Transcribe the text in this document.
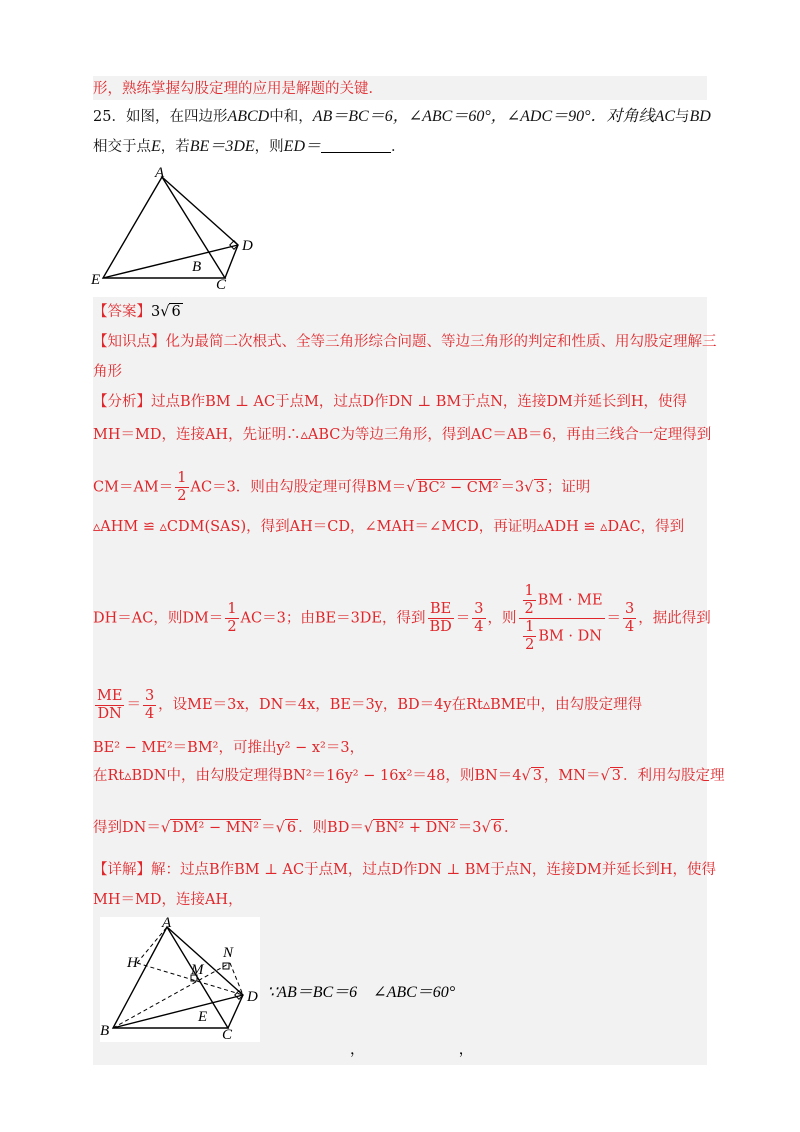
形，熟练掌握勾股定理的应用是解题的关键．
25．如图，在四边形ABCD中和，AB＝BC＝6，∠ABC＝60°，∠ADC＝90°．对角线AC与BD
相交于点E，若BE＝3DE，则ED＝	．
A
E	C
D
B
【答案】3√ 6
【知识点】化为最简二次根式、全等三角形综合问题、等边三角形的判定和性质、用勾股定理解三
角形
【分析】过点B作BM ⊥ AC于点M，过点D作DN ⊥ BM于点N，连接DM并延长到H，使得
MH＝MD，连接AH，先证明∴▵ABC为等边三角形，得到AC＝AB＝6，再由三线合一定理得到
$CM=AM= \frac{1}{2} AC=3$．则由勾股定理可得BM＝√ BC² − CM² ＝3√ 3 ；证明
▵AHM ≌ ▵CDM(SAS)，得到AH＝CD，∠MAH＝∠MCD，再证明▵ADH ≌ ▵DAC，得到
DH＝AC，则$DM= \frac{1}{2} AC=3$；由BE＝3DE，得到 $\frac{BE}{BD} = \frac{3}{4}$ ，则 $\frac{\frac{1}{2} BM \cdot ME}{\frac{1}{2} BM \cdot DN} = \frac{3}{4}$ ，据此得到
$\frac{ME}{DN} = \frac{3}{4}$ ，设ME＝3x，DN＝4x，BE＝3y，BD＝4y在Rt▵BME中，由勾股定理得
BE² − ME²＝BM²，可推出y² − x²＝3，
在Rt▵BDN中，由勾股定理得BN²＝16y² − 16x²＝48，则BN＝4√ 3 ，MN＝√ 3 ．利用勾股定理
得到DN＝√ DM² − MN² ＝√ 6 ．则BD＝√ BN² + DN² ＝3√ 6 ．
【详解】解：过点B作BM ⊥ AC于点M，过点D作DN ⊥ BM于点N，连接DM并延长到H，使得
MH＝MD，连接AH，
A
B	C
D
E
H	M
N
∵AB＝BC＝6　∠ABC＝60°
，　　　　　　　，
